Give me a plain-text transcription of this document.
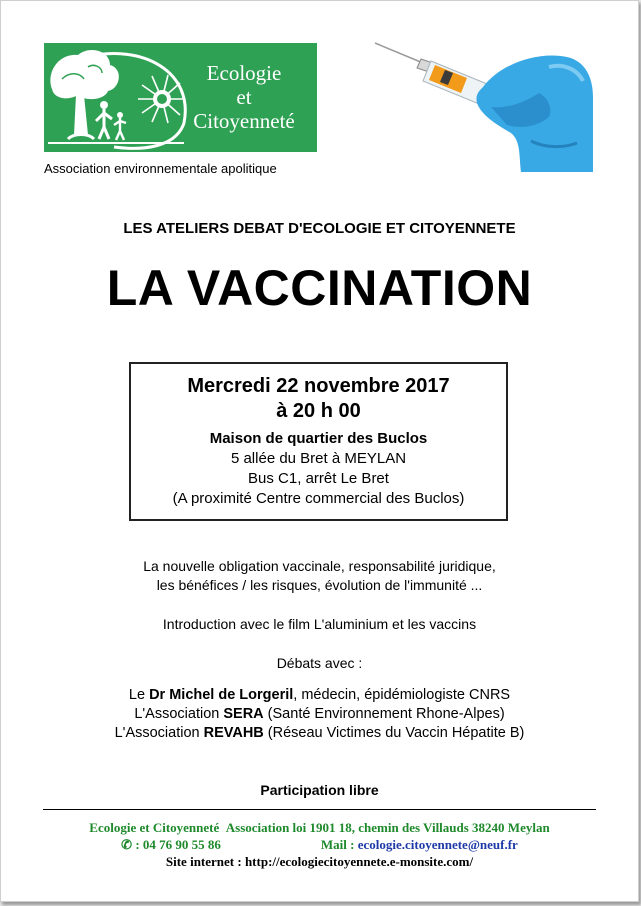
Ecologie
et
Citoyenneté
Association environnementale apolitique
LES ATELIERS DEBAT D'ECOLOGIE ET CITOYENNETE
LA VACCINATION
Mercredi 22 novembre 2017
à 20 h 00
Maison de quartier des Buclos
5 allée du Bret à MEYLAN
Bus C1, arrêt Le Bret
(A proximité Centre commercial des Buclos)
La nouvelle obligation vaccinale, responsabilité juridique,
les bénéfices / les risques, évolution de l'immunité ...
Introduction avec le film L'aluminium et les vaccins
Débats avec :
Le Dr Michel de Lorgeril, médecin, épidémiologiste CNRS
L'Association SERA (Santé Environnement Rhone-Alpes)
L'Association REVAHB (Réseau Victimes du Vaccin Hépatite B)
Participation libre
Ecologie et Citoyenneté Association loi 1901 18, chemin des Villauds 38240 Meylan
✆ : 04 76 90 55 86	Mail : ecologie.citoyennete@neuf.fr
Site internet : http://ecologiecitoyennete.e-monsite.com/
